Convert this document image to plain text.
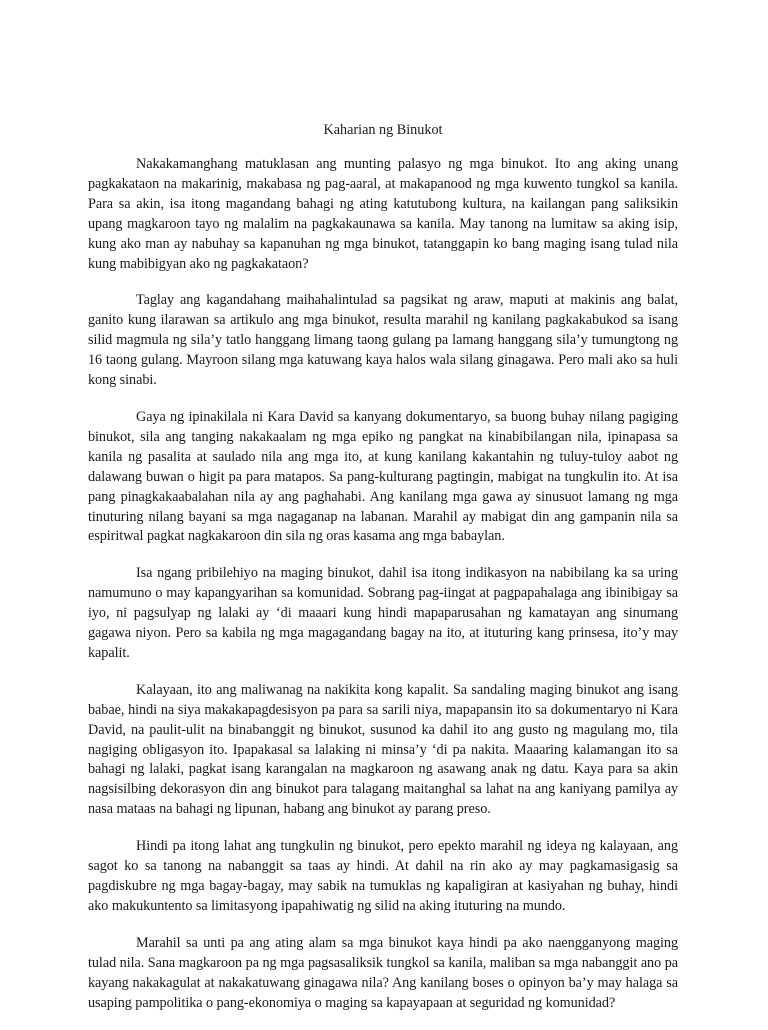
Kaharian ng Binukot

Nakakamanghang matuklasan ang munting palasyo ng mga binukot. Ito ang aking unang pagkakataon na makarinig, makabasa ng pag-aaral, at makapanood ng mga kuwento tungkol sa kanila. Para sa akin, isa itong magandang bahagi ng ating katutubong kultura, na kailangan pang saliksikin upang magkaroon tayo ng malalim na pagkakaunawa sa kanila. May tanong na lumitaw sa aking isip, kung ako man ay nabuhay sa kapanuhan ng mga binukot, tatanggapin ko bang maging isang tulad nila kung mabibigyan ako ng pagkakataon?

Taglay ang kagandahang maihahalintulad sa pagsikat ng araw, maputi at makinis ang balat, ganito kung ilarawan sa artikulo ang mga binukot, resulta marahil ng kanilang pagkakabukod sa isang silid magmula ng sila’y tatlo hanggang limang taong gulang pa lamang hanggang sila’y tumungtong ng 16 taong gulang. Mayroon silang mga katuwang kaya halos wala silang ginagawa. Pero mali ako sa huli kong sinabi.

Gaya ng ipinakilala ni Kara David sa kanyang dokumentaryo, sa buong buhay nilang pagiging binukot, sila ang tanging nakakaalam ng mga epiko ng pangkat na kinabibilangan nila, ipinapasa sa kanila ng pasalita at saulado nila ang mga ito, at kung kanilang kakantahin ng tuluy-tuloy aabot ng dalawang buwan o higit pa para matapos. Sa pang-kulturang pagtingin, mabigat na tungkulin ito. At isa pang pinagkakaabalahan nila ay ang paghahabi. Ang kanilang mga gawa ay sinusuot lamang ng mga tinuturing nilang bayani sa mga nagaganap na labanan. Marahil ay mabigat din ang gampanin nila sa espiritwal pagkat nagkakaroon din sila ng oras kasama ang mga babaylan.

Isa ngang pribilehiyo na maging binukot, dahil isa itong indikasyon na nabibilang ka sa uring namumuno o may kapangyarihan sa komunidad. Sobrang pag-iingat at pagpapahalaga ang ibinibigay sa iyo, ni pagsulyap ng lalaki ay ‘di maaari kung hindi mapaparusahan ng kamatayan ang sinumang gagawa niyon. Pero sa kabila ng mga magagandang bagay na ito, at ituturing kang prinsesa, ito’y may kapalit.

Kalayaan, ito ang maliwanag na nakikita kong kapalit. Sa sandaling maging binukot ang isang babae, hindi na siya makakapagdesisyon pa para sa sarili niya, mapapansin ito sa dokumentaryo ni Kara David, na paulit-ulit na binabanggit ng binukot, susunod ka dahil ito ang gusto ng magulang mo, tila nagiging obligasyon ito. Ipapakasal sa lalaking ni minsa’y ‘di pa nakita. Maaaring kalamangan ito sa bahagi ng lalaki, pagkat isang karangalan na magkaroon ng asawang anak ng datu. Kaya para sa akin nagsisilbing dekorasyon din ang binukot para talagang maitanghal sa lahat na ang kaniyang pamilya ay nasa mataas na bahagi ng lipunan, habang ang binukot ay parang preso.

Hindi pa itong lahat ang tungkulin ng binukot, pero epekto marahil ng ideya ng kalayaan, ang sagot ko sa tanong na nabanggit sa taas ay hindi. At dahil na rin ako ay may pagkamasigasig sa pagdiskubre ng mga bagay-bagay, may sabik na tumuklas ng kapaligiran at kasiyahan ng buhay, hindi ako makukuntento sa limitasyong ipapahiwatig ng silid na aking ituturing na mundo.

Marahil sa unti pa ang ating alam sa mga binukot kaya hindi pa ako naengganyong maging tulad nila. Sana magkaroon pa ng mga pagsasaliksik tungkol sa kanila, maliban sa mga nabanggit ano pa kayang nakakagulat at nakakatuwang ginagawa nila? Ang kanilang boses o opinyon ba’y may halaga sa usaping pampolitika o pang-ekonomiya o maging sa kapayapaan at seguridad ng komunidad?
